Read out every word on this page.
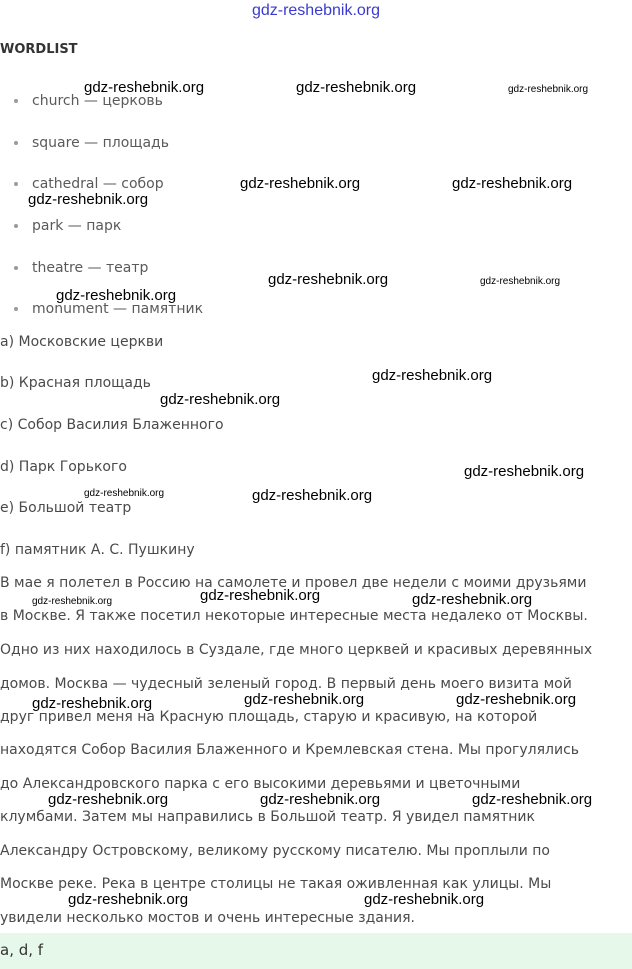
gdz-reshebnik.org
WORDLIST
church — церковь
square — площадь
cathedral — собор
park — парк
theatre — театр
monument — памятник
a) Московские церкви
b) Красная площадь
c) Собор Василия Блаженного
d) Парк Горького
e) Большой театр
f) памятник А. С. Пушкину
В мае я полетел в Россию на самолете и провел две недели с моими друзьями
в Москве. Я также посетил некоторые интересные места недалеко от Москвы.
Одно из них находилось в Суздале, где много церквей и красивых деревянных
домов. Москва — чудесный зеленый город. В первый день моего визита мой
друг привел меня на Красную площадь, старую и красивую, на которой
находятся Собор Василия Блаженного и Кремлевская стена. Мы прогулялись
до Александровского парка с его высокими деревьями и цветочными
клумбами. Затем мы направились в Большой театр. Я увидел памятник
Александру Островскому, великому русскому писателю. Мы проплыли по
Москве реке. Река в центре столицы не такая оживленная как улицы. Мы
увидели несколько мостов и очень интересные здания.
a, d, f
gdz-reshebnik.org	gdz-reshebnik.org	gdz-reshebnik.org
gdz-reshebnik.org	gdz-reshebnik.org
gdz-reshebnik.org
gdz-reshebnik.org	gdz-reshebnik.org
gdz-reshebnik.org
gdz-reshebnik.org
gdz-reshebnik.org
gdz-reshebnik.org
gdz-reshebnik.org	gdz-reshebnik.org
gdz-reshebnik.org
gdz-reshebnik.org	gdz-reshebnik.org
gdz-reshebnik.org	gdz-reshebnik.org	gdz-reshebnik.org
gdz-reshebnik.org	gdz-reshebnik.org	gdz-reshebnik.org
gdz-reshebnik.org	gdz-reshebnik.org
